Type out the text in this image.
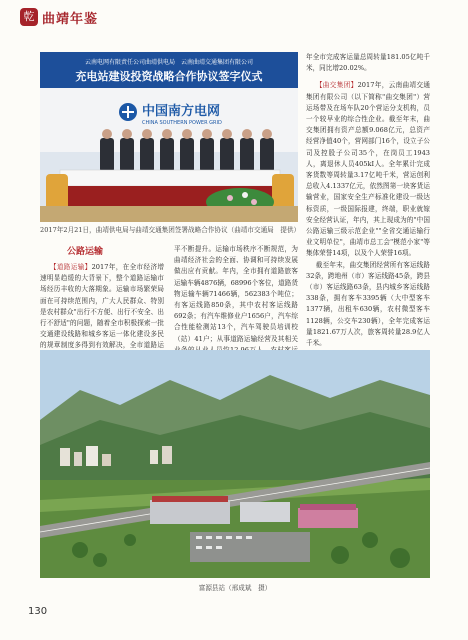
亁 曲靖年鉴
云南电网有限责任公司曲靖供电局　云南曲靖交通集团有限公司
充电站建设投资战略合作协议签字仪式
中国南方电网
CHINA SOUTHERN POWER GRID
2017年2月21日，曲靖供电局与曲靖交通集团签署战略合作协议（曲靖市交通局　提供）
公路运输

【道路运输】2017年，在全市经济增速明显趋缓的大背景下，整个道路运输市场经历丰收的大落期象。运输市场繁荣局面在可持续范围内，广大人民群众、特别是农村群众"出行不方便、出行不安全、出行不舒适"的问题，随着全市积极探索一批交通建设线路和城乡客运一体化建设多民的规章制度多得到有效解决，全市道路运

平不断提升。运输市场秩序不断规范，为曲靖经济社会的全面、协调和可持续发展做出应有贡献。年内，全市拥有道路旅客运输车辆4876辆，68996个客位，道路货物运输车辆71466辆，562383个吨位；有客运线路850条，其中农村客运线路692条；有汽车维修业户1656户，汽车综合性能检测站13个，汽车驾驶员培训校（站）41户；从事道路运输经营及其相关

年全市完成客运量总周转量181.05亿吨千米，同比增20.02%。

【曲交集团】2017年，云南曲靖交通集团有限公司（以下简称"曲交集团"）营运场带及在场车队20个营运分支机构，员一个较早业的综合性企业。截至年末，曲交集团拥有资产总额9.068亿元，总资产经营净值40个，营网部门16个，设立子公司及控股子公司35个，在岗员工1943人，离退休人员405kI人。全年累计完成客货数等周转量3.17亿吨千米，营运创利总收入4.1337亿元，依然图第一块客货运输营业，国家安全生产标准化建设一级达标资质，一级国际报建，终端，职业就嫁安全经营认证，年内，其上现成为的"中国公路运输三级示范企业""全省交通运输行业文明单位"，曲靖市总工会"模范小家"等集体荣誉14项，以及个人荣誉16项。

截至年末，曲交集团经营所有客运线路32条，跨地州（市）客运线路45条，跨县（市）客运线路63条，县内城乡客运线路338条，拥有客车3395辆（大中型客车1377辆，出租车630辆，农村微型客车1128辆，公交车230辆），全年完成客运量1821.67万人次，旅客周转量28.9亿人千米。

富源县站（邢成斌　摄）
130
